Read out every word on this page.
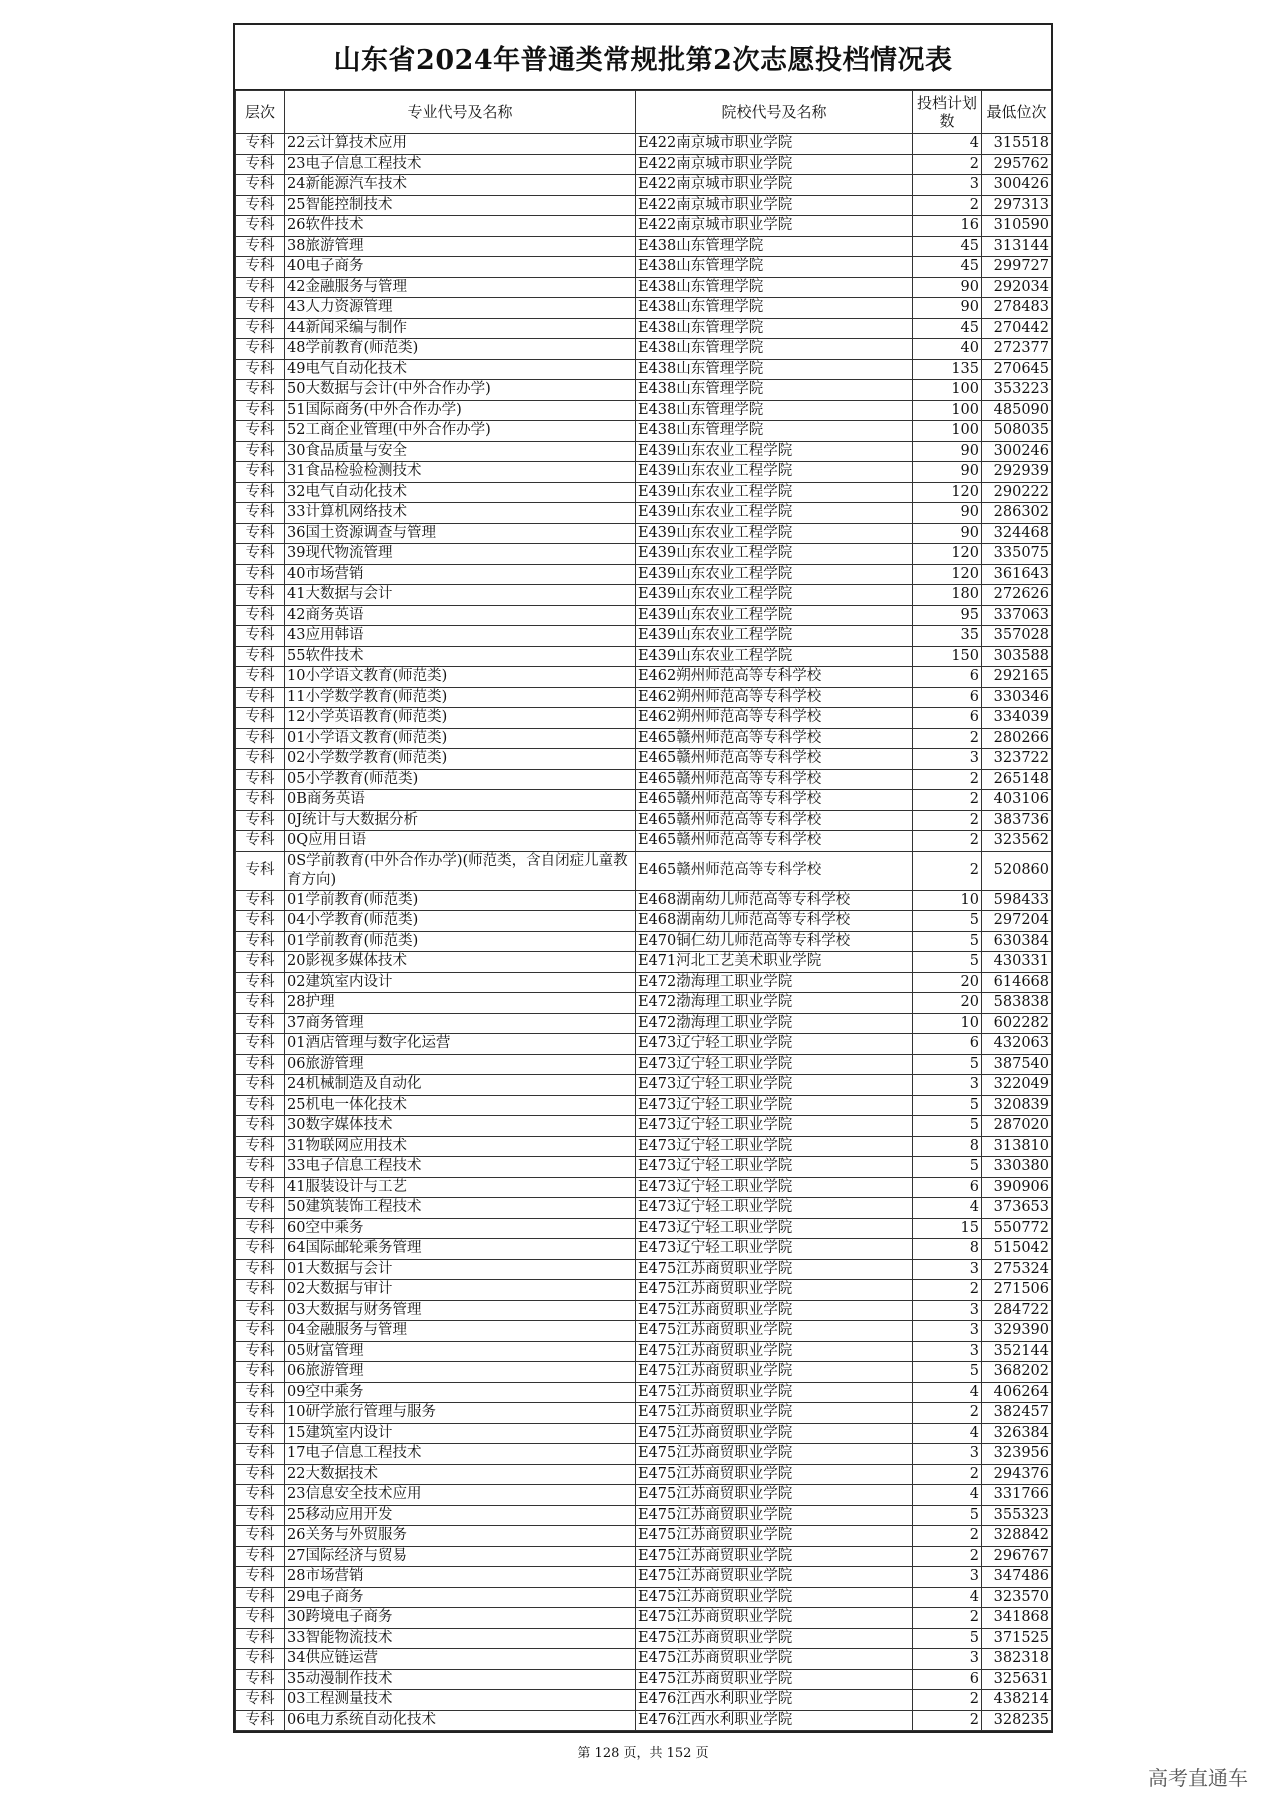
山东省2024年普通类常规批第2次志愿投档情况表
层次	专业代号及名称	院校代号及名称	投档计划数	最低位次
专科	22云计算技术应用	E422南京城市职业学院	4	315518
专科	23电子信息工程技术	E422南京城市职业学院	2	295762
专科	24新能源汽车技术	E422南京城市职业学院	3	300426
专科	25智能控制技术	E422南京城市职业学院	2	297313
专科	26软件技术	E422南京城市职业学院	16	310590
专科	38旅游管理	E438山东管理学院	45	313144
专科	40电子商务	E438山东管理学院	45	299727
专科	42金融服务与管理	E438山东管理学院	90	292034
专科	43人力资源管理	E438山东管理学院	90	278483
专科	44新闻采编与制作	E438山东管理学院	45	270442
专科	48学前教育(师范类)	E438山东管理学院	40	272377
专科	49电气自动化技术	E438山东管理学院	135	270645
专科	50大数据与会计(中外合作办学)	E438山东管理学院	100	353223
专科	51国际商务(中外合作办学)	E438山东管理学院	100	485090
专科	52工商企业管理(中外合作办学)	E438山东管理学院	100	508035
专科	30食品质量与安全	E439山东农业工程学院	90	300246
专科	31食品检验检测技术	E439山东农业工程学院	90	292939
专科	32电气自动化技术	E439山东农业工程学院	120	290222
专科	33计算机网络技术	E439山东农业工程学院	90	286302
专科	36国土资源调查与管理	E439山东农业工程学院	90	324468
专科	39现代物流管理	E439山东农业工程学院	120	335075
专科	40市场营销	E439山东农业工程学院	120	361643
专科	41大数据与会计	E439山东农业工程学院	180	272626
专科	42商务英语	E439山东农业工程学院	95	337063
专科	43应用韩语	E439山东农业工程学院	35	357028
专科	55软件技术	E439山东农业工程学院	150	303588
专科	10小学语文教育(师范类)	E462朔州师范高等专科学校	6	292165
专科	11小学数学教育(师范类)	E462朔州师范高等专科学校	6	330346
专科	12小学英语教育(师范类)	E462朔州师范高等专科学校	6	334039
专科	01小学语文教育(师范类)	E465赣州师范高等专科学校	2	280266
专科	02小学数学教育(师范类)	E465赣州师范高等专科学校	3	323722
专科	05小学教育(师范类)	E465赣州师范高等专科学校	2	265148
专科	0B商务英语	E465赣州师范高等专科学校	2	403106
专科	0J统计与大数据分析	E465赣州师范高等专科学校	2	383736
专科	0Q应用日语	E465赣州师范高等专科学校	2	323562
专科	0S学前教育(中外合作办学)(师范类，含自闭症儿童教育方向)	E465赣州师范高等专科学校	2	520860
专科	01学前教育(师范类)	E468湖南幼儿师范高等专科学校	10	598433
专科	04小学教育(师范类)	E468湖南幼儿师范高等专科学校	5	297204
专科	01学前教育(师范类)	E470铜仁幼儿师范高等专科学校	5	630384
专科	20影视多媒体技术	E471河北工艺美术职业学院	5	430331
专科	02建筑室内设计	E472渤海理工职业学院	20	614668
专科	28护理	E472渤海理工职业学院	20	583838
专科	37商务管理	E472渤海理工职业学院	10	602282
专科	01酒店管理与数字化运营	E473辽宁轻工职业学院	6	432063
专科	06旅游管理	E473辽宁轻工职业学院	5	387540
专科	24机械制造及自动化	E473辽宁轻工职业学院	3	322049
专科	25机电一体化技术	E473辽宁轻工职业学院	5	320839
专科	30数字媒体技术	E473辽宁轻工职业学院	5	287020
专科	31物联网应用技术	E473辽宁轻工职业学院	8	313810
专科	33电子信息工程技术	E473辽宁轻工职业学院	5	330380
专科	41服装设计与工艺	E473辽宁轻工职业学院	6	390906
专科	50建筑装饰工程技术	E473辽宁轻工职业学院	4	373653
专科	60空中乘务	E473辽宁轻工职业学院	15	550772
专科	64国际邮轮乘务管理	E473辽宁轻工职业学院	8	515042
专科	01大数据与会计	E475江苏商贸职业学院	3	275324
专科	02大数据与审计	E475江苏商贸职业学院	2	271506
专科	03大数据与财务管理	E475江苏商贸职业学院	3	284722
专科	04金融服务与管理	E475江苏商贸职业学院	3	329390
专科	05财富管理	E475江苏商贸职业学院	3	352144
专科	06旅游管理	E475江苏商贸职业学院	5	368202
专科	09空中乘务	E475江苏商贸职业学院	4	406264
专科	10研学旅行管理与服务	E475江苏商贸职业学院	2	382457
专科	15建筑室内设计	E475江苏商贸职业学院	4	326384
专科	17电子信息工程技术	E475江苏商贸职业学院	3	323956
专科	22大数据技术	E475江苏商贸职业学院	2	294376
专科	23信息安全技术应用	E475江苏商贸职业学院	4	331766
专科	25移动应用开发	E475江苏商贸职业学院	5	355323
专科	26关务与外贸服务	E475江苏商贸职业学院	2	328842
专科	27国际经济与贸易	E475江苏商贸职业学院	2	296767
专科	28市场营销	E475江苏商贸职业学院	3	347486
专科	29电子商务	E475江苏商贸职业学院	4	323570
专科	30跨境电子商务	E475江苏商贸职业学院	2	341868
专科	33智能物流技术	E475江苏商贸职业学院	5	371525
专科	34供应链运营	E475江苏商贸职业学院	3	382318
专科	35动漫制作技术	E475江苏商贸职业学院	6	325631
专科	03工程测量技术	E476江西水利职业学院	2	438214
专科	06电力系统自动化技术	E476江西水利职业学院	2	328235
第 128 页，共 152 页
高考直通车
